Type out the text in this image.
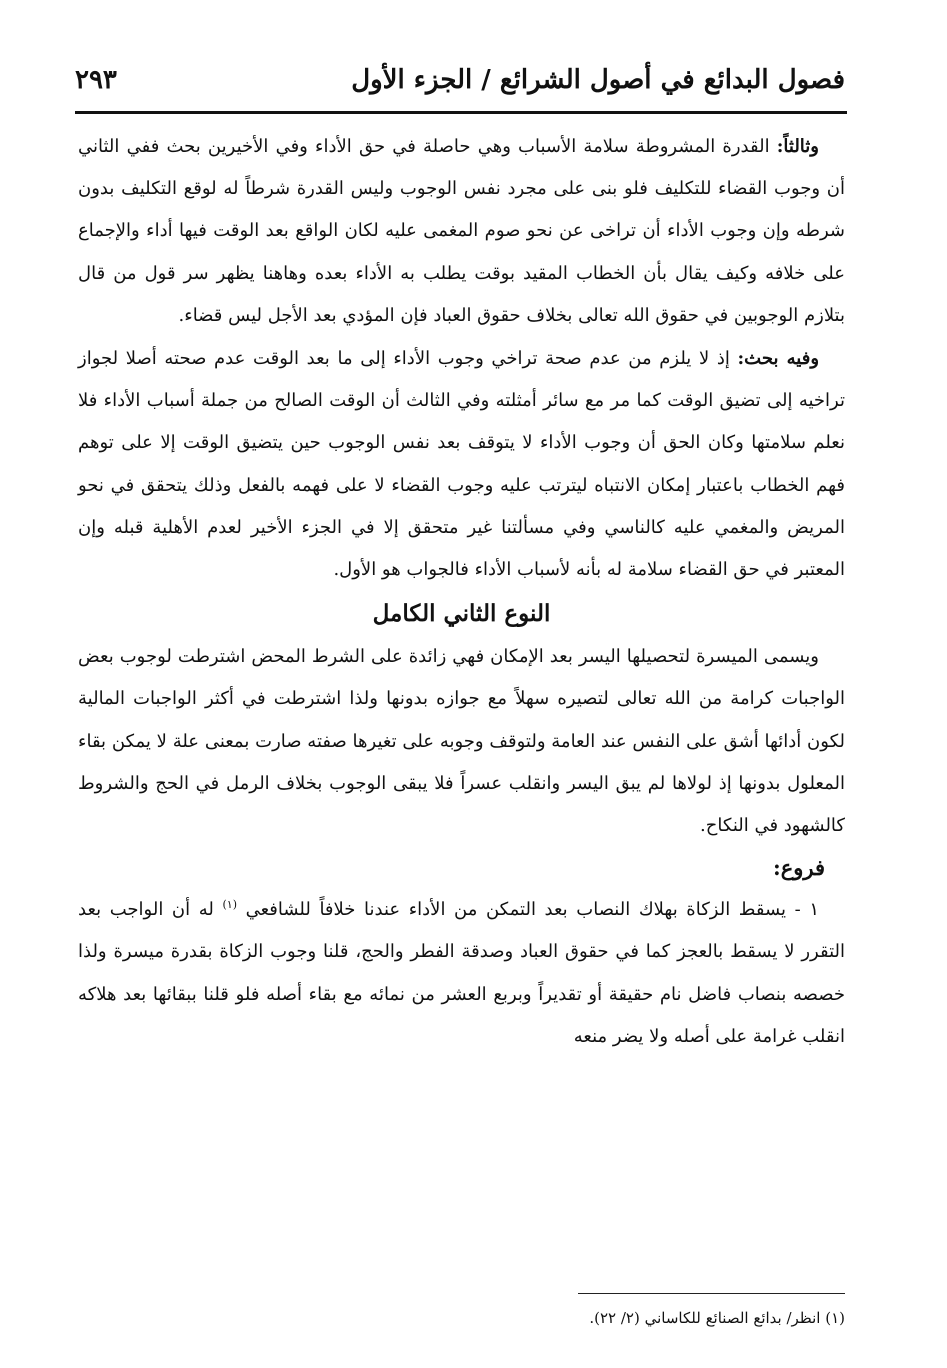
فصول البدائع في أصول الشرائع / الجزء الأول
٢٩٣

وثالثاً: القدرة المشروطة سلامة الأسباب وهي حاصلة في حق الأداء وفي الأخيرين بحث ففي الثاني أن وجوب القضاء للتكليف فلو بنى على مجرد نفس الوجوب وليس القدرة شرطاً له لوقع التكليف بدون شرطه وإن وجوب الأداء أن تراخى عن نحو صوم المغمى عليه لكان الواقع بعد الوقت فيها أداء والإجماع على خلافه وكيف يقال بأن الخطاب المقيد بوقت يطلب به الأداء بعده وهاهنا يظهر سر قول من قال بتلازم الوجوبين في حقوق الله تعالى بخلاف حقوق العباد فإن المؤدي بعد الأجل ليس قضاء.

وفيه بحث: إذ لا يلزم من عدم صحة تراخي وجوب الأداء إلى ما بعد الوقت عدم صحته أصلا لجواز تراخيه إلى تضيق الوقت كما مر مع سائر أمثلته وفي الثالث أن الوقت الصالح من جملة أسباب الأداء فلا نعلم سلامتها وكان الحق أن وجوب الأداء لا يتوقف بعد نفس الوجوب حين يتضيق الوقت إلا على توهم فهم الخطاب باعتبار إمكان الانتباه ليترتب عليه وجوب القضاء لا على فهمه بالفعل وذلك يتحقق في نحو المريض والمغمي عليه كالناسي وفي مسألتنا غير متحقق إلا في الجزء الأخير لعدم الأهلية قبله وإن المعتبر في حق القضاء سلامة له بأنه لأسباب الأداء فالجواب هو الأول.

النوع الثاني الكامل

ويسمى الميسرة لتحصيلها اليسر بعد الإمكان فهي زائدة على الشرط المحض اشترطت لوجوب بعض الواجبات كرامة من الله تعالى لتصيره سهلاً مع جوازه بدونها ولذا اشترطت في أكثر الواجبات المالية لكون أدائها أشق على النفس عند العامة ولتوقف وجوبه على تغيرها صفته صارت بمعنى علة لا يمكن بقاء المعلول بدونها إذ لولاها لم يبق اليسر وانقلب عسراً فلا يبقى الوجوب بخلاف الرمل في الحج والشروط كالشهود في النكاح.

فروع:

١ - يسقط الزكاة بهلاك النصاب بعد التمكن من الأداء عندنا خلافاً للشافعي $^{(١)}$ له أن الواجب بعد التقرر لا يسقط بالعجز كما في حقوق العباد وصدقة الفطر والحج، قلنا وجوب الزكاة بقدرة ميسرة ولذا خصصه بنصاب فاضل نام حقيقة أو تقديراً وبربع العشر من نمائه مع بقاء أصله فلو قلنا ببقائها بعد هلاكه انقلب غرامة على أصله ولا يضر منعه

(١) انظر/ بدائع الصنائع للكاساني (٢/ ٢٢).
